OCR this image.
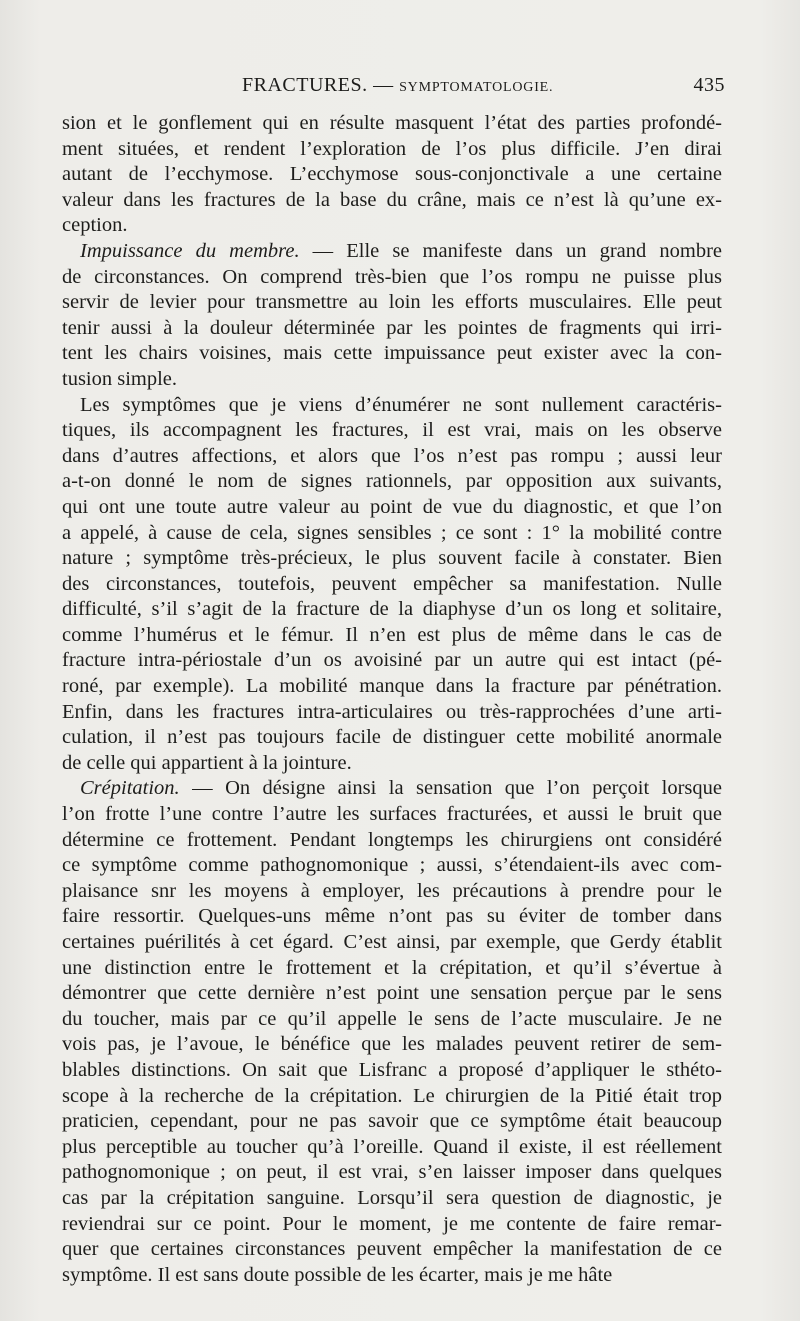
FRACTURES. — SYMPTOMATOLOGIE.	435
sion et le gonflement qui en résulte masquent l’état des parties profondé-
ment situées, et rendent l’exploration de l’os plus difficile. J’en dirai
autant de l’ecchymose. L’ecchymose sous-conjonctivale a une certaine
valeur dans les fractures de la base du crâne, mais ce n’est là qu’une ex-
ception.
Impuissance du membre. — Elle se manifeste dans un grand nombre
de circonstances. On comprend très-bien que l’os rompu ne puisse plus
servir de levier pour transmettre au loin les efforts musculaires. Elle peut
tenir aussi à la douleur déterminée par les pointes de fragments qui irri-
tent les chairs voisines, mais cette impuissance peut exister avec la con-
tusion simple.
Les symptômes que je viens d’énumérer ne sont nullement caractéris-
tiques, ils accompagnent les fractures, il est vrai, mais on les observe
dans d’autres affections, et alors que l’os n’est pas rompu ; aussi leur
a-t-on donné le nom de signes rationnels, par opposition aux suivants,
qui ont une toute autre valeur au point de vue du diagnostic, et que l’on
a appelé, à cause de cela, signes sensibles ; ce sont : 1° la mobilité contre
nature ; symptôme très-précieux, le plus souvent facile à constater. Bien
des circonstances, toutefois, peuvent empêcher sa manifestation. Nulle
difficulté, s’il s’agit de la fracture de la diaphyse d’un os long et solitaire,
comme l’humérus et le fémur. Il n’en est plus de même dans le cas de
fracture intra-périostale d’un os avoisiné par un autre qui est intact (pé-
roné, par exemple). La mobilité manque dans la fracture par pénétration.
Enfin, dans les fractures intra-articulaires ou très-rapprochées d’une arti-
culation, il n’est pas toujours facile de distinguer cette mobilité anormale
de celle qui appartient à la jointure.
Crépitation. — On désigne ainsi la sensation que l’on perçoit lorsque
l’on frotte l’une contre l’autre les surfaces fracturées, et aussi le bruit que
détermine ce frottement. Pendant longtemps les chirurgiens ont considéré
ce symptôme comme pathognomonique ; aussi, s’étendaient-ils avec com-
plaisance snr les moyens à employer, les précautions à prendre pour le
faire ressortir. Quelques-uns même n’ont pas su éviter de tomber dans
certaines puérilités à cet égard. C’est ainsi, par exemple, que Gerdy établit
une distinction entre le frottement et la crépitation, et qu’il s’évertue à
démontrer que cette dernière n’est point une sensation perçue par le sens
du toucher, mais par ce qu’il appelle le sens de l’acte musculaire. Je ne
vois pas, je l’avoue, le bénéfice que les malades peuvent retirer de sem-
blables distinctions. On sait que Lisfranc a proposé d’appliquer le sthéto-
scope à la recherche de la crépitation. Le chirurgien de la Pitié était trop
praticien, cependant, pour ne pas savoir que ce symptôme était beaucoup
plus perceptible au toucher qu’à l’oreille. Quand il existe, il est réellement
pathognomonique ; on peut, il est vrai, s’en laisser imposer dans quelques
cas par la crépitation sanguine. Lorsqu’il sera question de diagnostic, je
reviendrai sur ce point. Pour le moment, je me contente de faire remar-
quer que certaines circonstances peuvent empêcher la manifestation de ce
symptôme. Il est sans doute possible de les écarter, mais je me hâte
